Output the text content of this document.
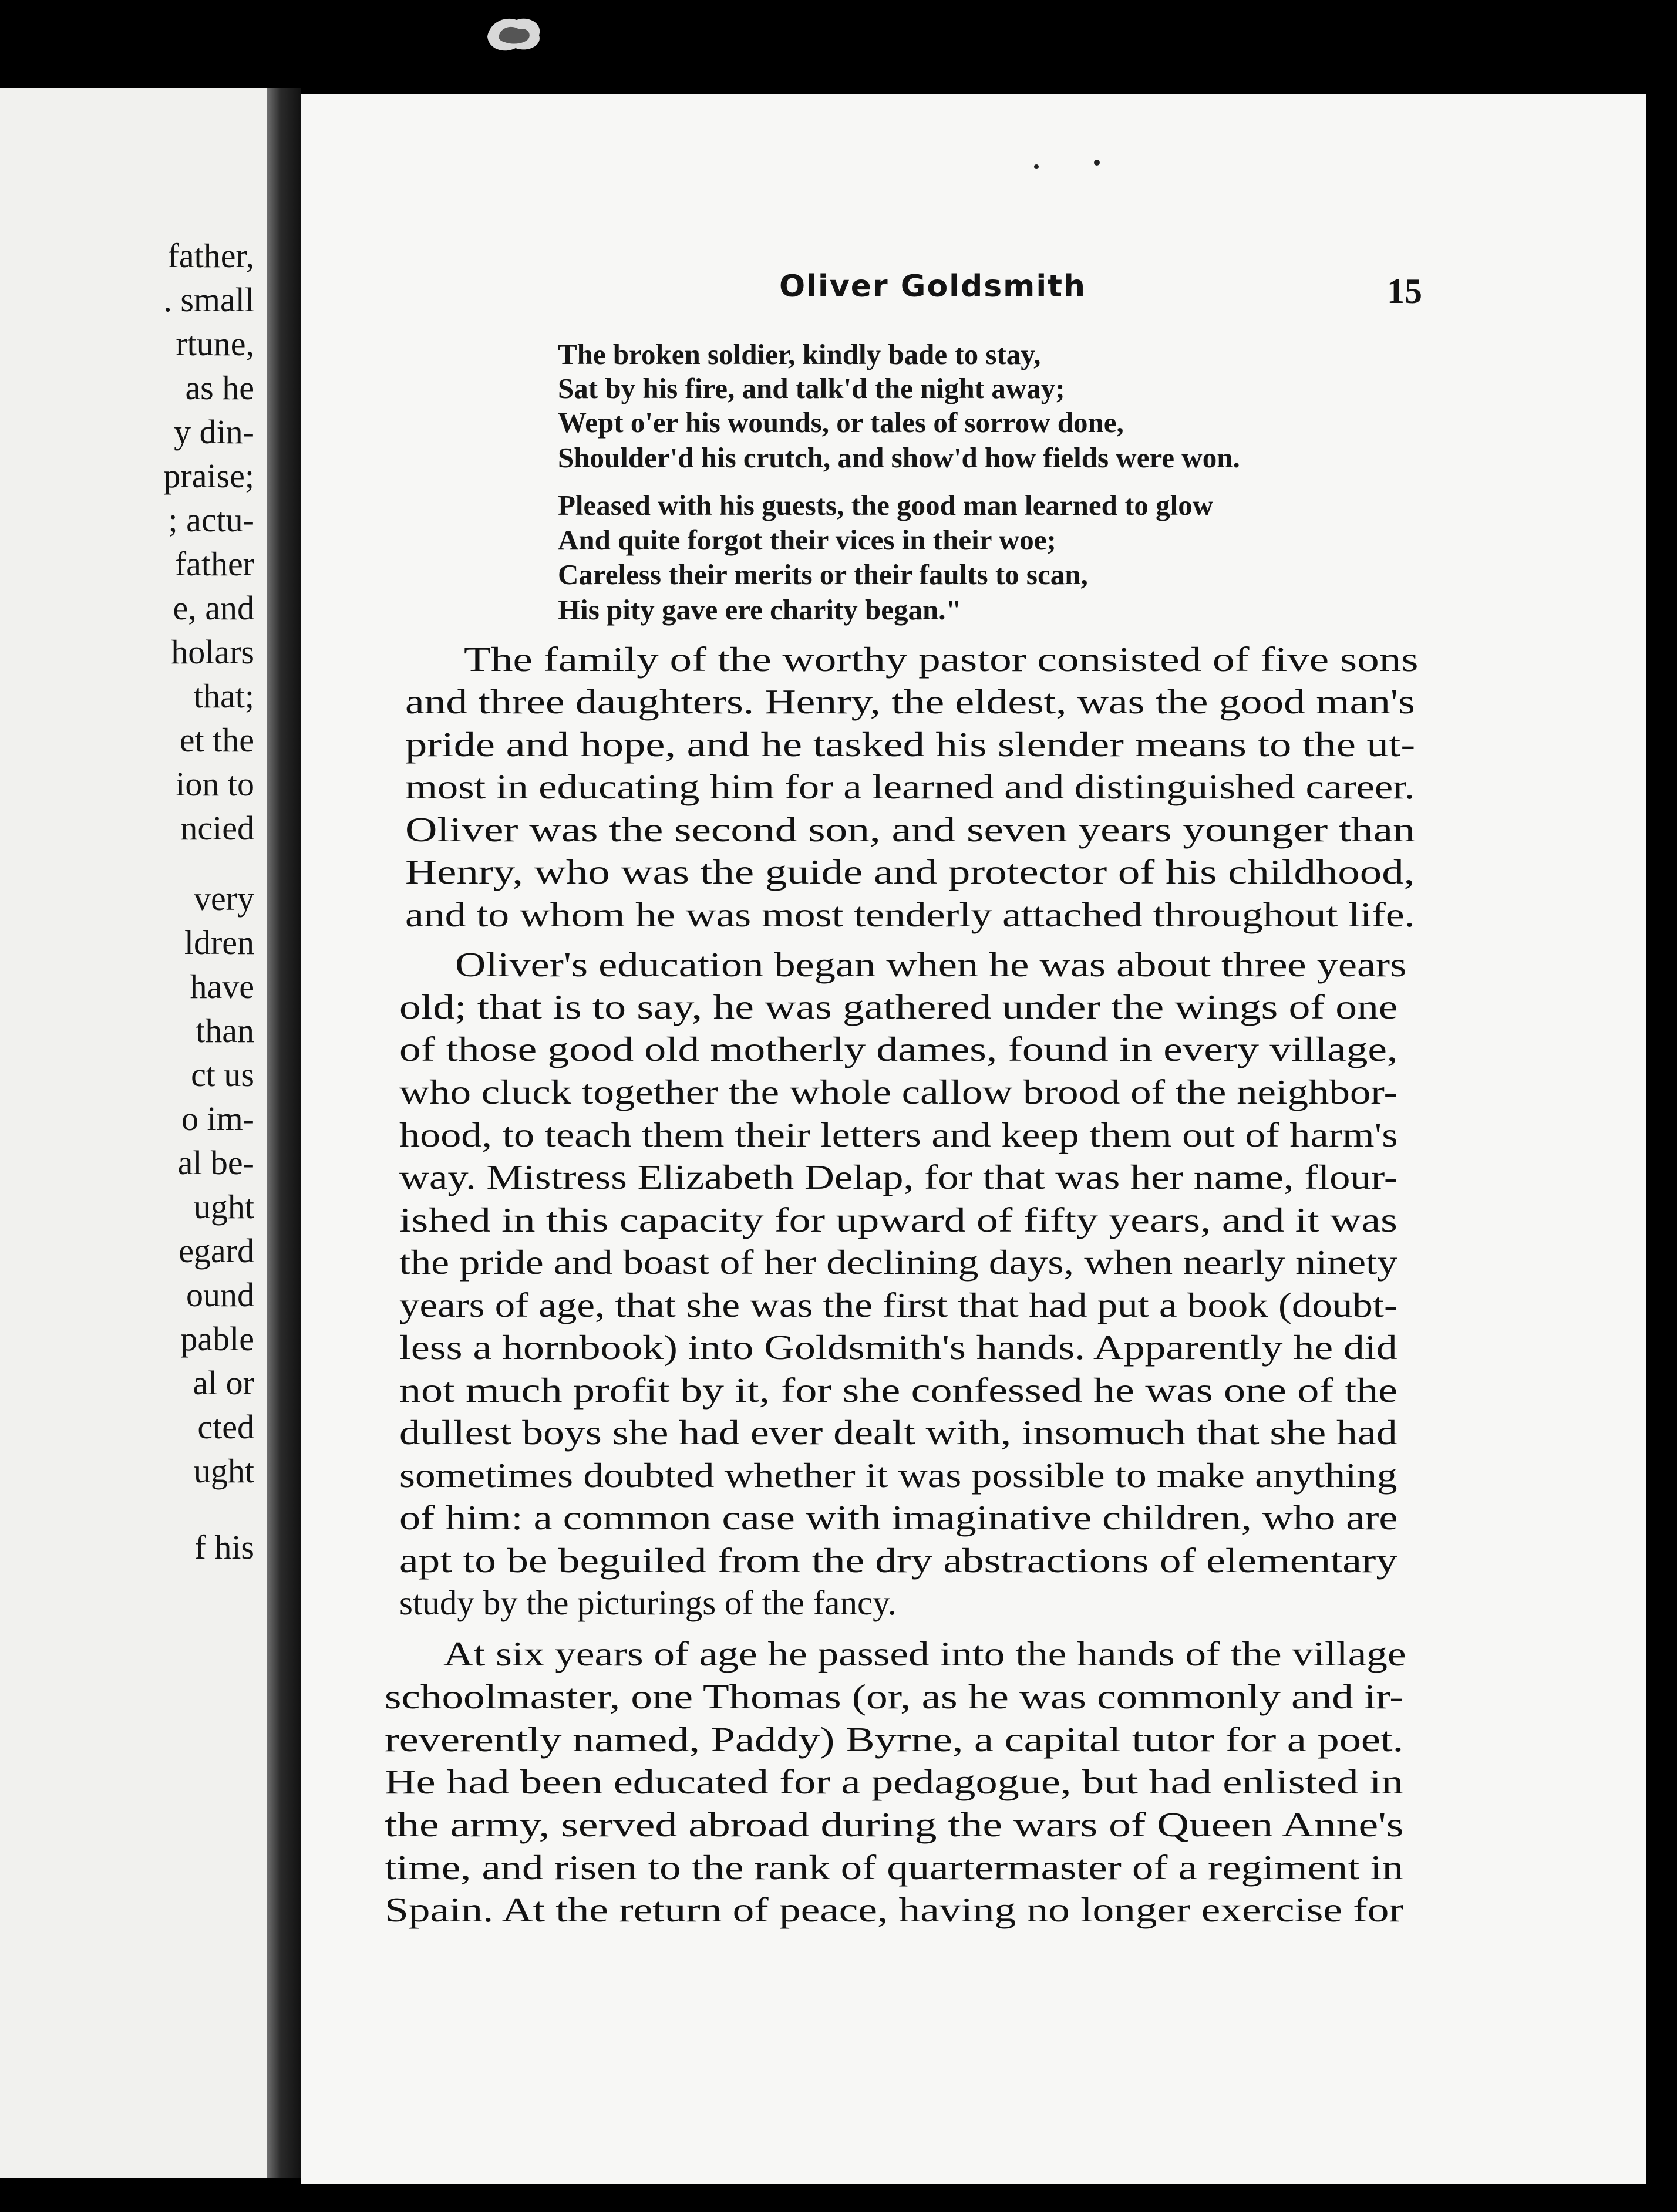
father,
. small
rtune,
as he
y din-
praise;
; actu-
father
e, and
holars
that;
et the
ion to
ncied
very
ldren
have
than
ct us
o im-
al be-
ught
egard
ound
pable
al or
cted
ught
f his
Oliver Goldsmith	15
The broken soldier, kindly bade to stay,
Sat by his fire, and talk'd the night away;
Wept o'er his wounds, or tales of sorrow done,
Shoulder'd his crutch, and show'd how fields were won.
Pleased with his guests, the good man learned to glow
And quite forgot their vices in their woe;
Careless their merits or their faults to scan,
His pity gave ere charity began."
The family of the worthy pastor consisted of five sons
and three daughters. Henry, the eldest, was the good man's
pride and hope, and he tasked his slender means to the ut-
most in educating him for a learned and distinguished career.
Oliver was the second son, and seven years younger than
Henry, who was the guide and protector of his childhood,
and to whom he was most tenderly attached throughout life.
Oliver's education began when he was about three years
old; that is to say, he was gathered under the wings of one
of those good old motherly dames, found in every village,
who cluck together the whole callow brood of the neighbor-
hood, to teach them their letters and keep them out of harm's
way. Mistress Elizabeth Delap, for that was her name, flour-
ished in this capacity for upward of fifty years, and it was
the pride and boast of her declining days, when nearly ninety
years of age, that she was the first that had put a book (doubt-
less a hornbook) into Goldsmith's hands. Apparently he did
not much profit by it, for she confessed he was one of the
dullest boys she had ever dealt with, insomuch that she had
sometimes doubted whether it was possible to make anything
of him: a common case with imaginative children, who are
apt to be beguiled from the dry abstractions of elementary
study by the picturings of the fancy.
At six years of age he passed into the hands of the village
schoolmaster, one Thomas (or, as he was commonly and ir-
reverently named, Paddy) Byrne, a capital tutor for a poet.
He had been educated for a pedagogue, but had enlisted in
the army, served abroad during the wars of Queen Anne's
time, and risen to the rank of quartermaster of a regiment in
Spain. At the return of peace, having no longer exercise for
